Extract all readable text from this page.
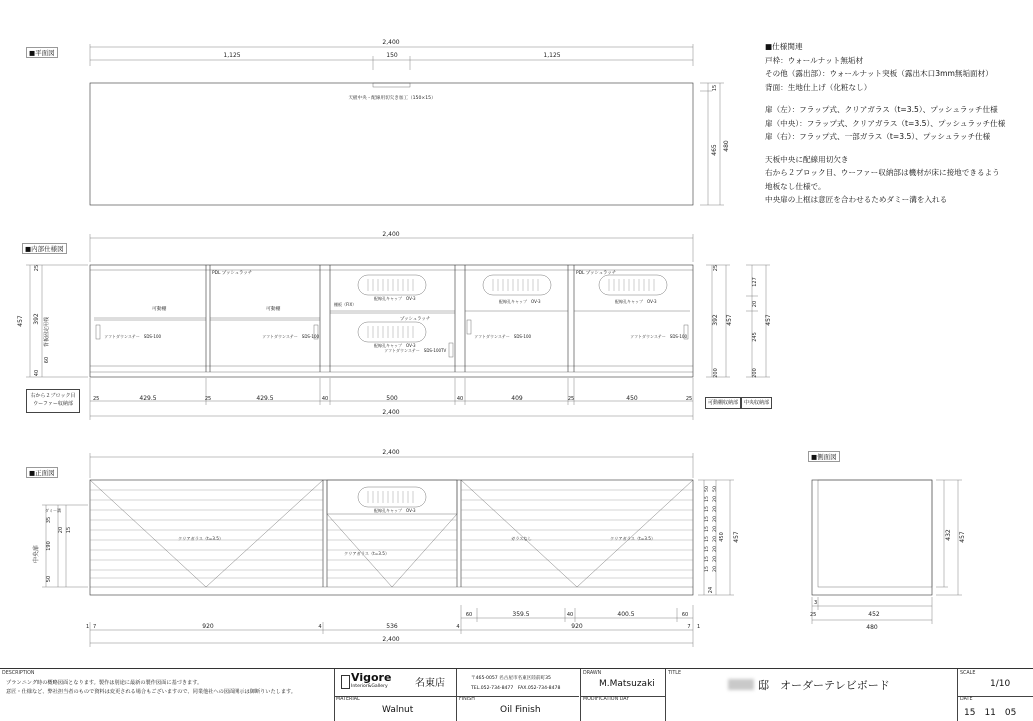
2,400
1,125	150	1,125
天板中央・配線用切欠き加工（150×15）
465 480
15
2,400
PDL プッシュラッチ	PDL プッシュラッチ
プッシュラッチ
可動棚	可動棚
棚板（FIX）
配線孔キャップ　OV-3
配線孔キャップ　OV-3
配線孔キャップ　OV-3	配線孔キャップ　OV-3
ソフトダウンステー　SDS-100	ソフトダウンステー　SDS-100
ソフトダウンステー　SDS-100TV
ソフトダウンステー　SDS-100	ソフトダウンステー　SDS-100
457 392
25
40
60
背板固定用桟
25
392 457
200
127
20
245
457
200
25	429.5	25	429.5	40	500	40	409	25	450	25
2,400
2,400
クリアガラス（t=3.5）
クリアガラス（t=3.5）
ガラスなし	クリアガラス（t=3.5）
配線孔キャップ　OV-3
ダミー溝
中央扉
35
190
50
20 15
50
15
15
15
15
15
15
15
15
50
20
20
20
20
20
20
20
20
450 457
24
60	359.5	40	400.5	60
1 7	920	4	536	4	920	7 1
2,400
3
25	452
480
432 457
■平面図
■内部仕様図
■正面図
■側面図
右から２ブロック目
ウーファー収納部	可動棚収納部	中央収納部
■仕様関連
戸枠：ウォールナット無垢材
その他（露出部）：ウォールナット突板（露出木口3mm無垢面材）
背面：生地仕上げ（化粧なし）
扉（左）：フラップ式、クリアガラス（t=3.5）、プッシュラッチ仕様
扉（中央）：フラップ式、クリアガラス（t=3.5）、プッシュラッチ仕様
扉（右）：フラップ式、一部ガラス（t=3.5）、プッシュラッチ仕様
天板中央に配線用切欠き
右から２ブロック目、ウーファー収納部は機材が床に接地できるよう
地板なし仕様で。
中央扉の上框は意匠を合わせるためダミー溝を入れる
DESCRIPTION
プランニング時の概略図面となります。製作は別途に最新の製作図面に基づきます。
意匠・仕様など、弊社担当者のもので資料は変更される場合もございますので、同業他社への図面開示は御断りいたします。
Vigore
Interior&Gallery	名東店
MATERIAL
Walnut
〒465-0057 名古屋市名東区陸前町35
TEL.052-734-8477　FAX.052-734-8478
FINISH
Oil Finish
DRAWN
M.Matsuzaki
MODIFICATION DAY
TITLE
邸　オーダーテレビボード
SCALE
1/10
DATE
15　11　05
